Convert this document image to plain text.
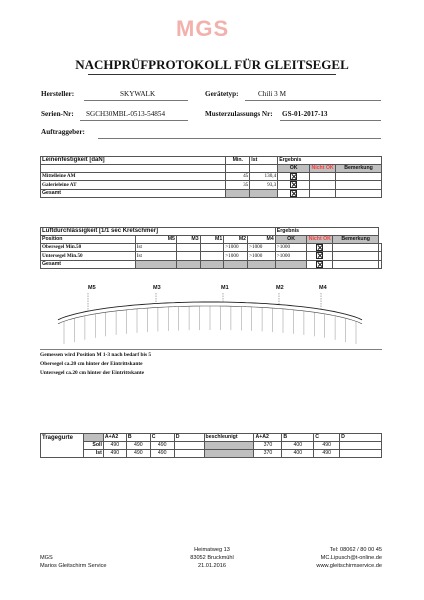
MGS
NACHPRÜFPROTOKOLL FÜR GLEITSEGEL
Hersteller:	SKYWALK	Gerätetyp:	Chili 3 M
Serien-Nr: SGCH30MBL-0513-54854	Musterzulassungs Nr: GS-01-2017-13
Auftraggeber:
Leinenfestigkeit [daN]	Min.	Ist	Ergebnis		
			OK	Nicht OK	Bemerkung
Mittelleine AM	45	130,4			
Galerieleine AT	35	93,3			
Gesamt					
Luftdurchlässigkeit [1/1 sec Kretschmer]						Ergebnis			
Position	M5	M3	M1	M2	M4	OK	Nicht OK	Bemerkung	
Obersegel Min.50	Ist			>1000	>1000	>1000			
Untersegel Min.50	Ist			>1000	>1000	>1000			
Gesamt									
M5	M3	M1	M2	M4
Gemessen wird Position M 1-3 nach bedarf bis 5
Obersegel ca.20 cm hinter der Eintrittskante
Untersegel ca.20 cm hinter der Eintrittskante
Tragegurte		A+A2	B	C	D	beschleunigt	A+A2	B	C	D
	Soll	490	490	490			370	400	490	
	Ist	490	490	490			370	400	490	
MGS
Marios Gleitschirm Service
Heimatweg 13
83052 Bruckmühl
21.01.2016
Tel: 08062 / 80 00 45
MC.Lipusch@t-online.de
www.gleitschirmservice.de
